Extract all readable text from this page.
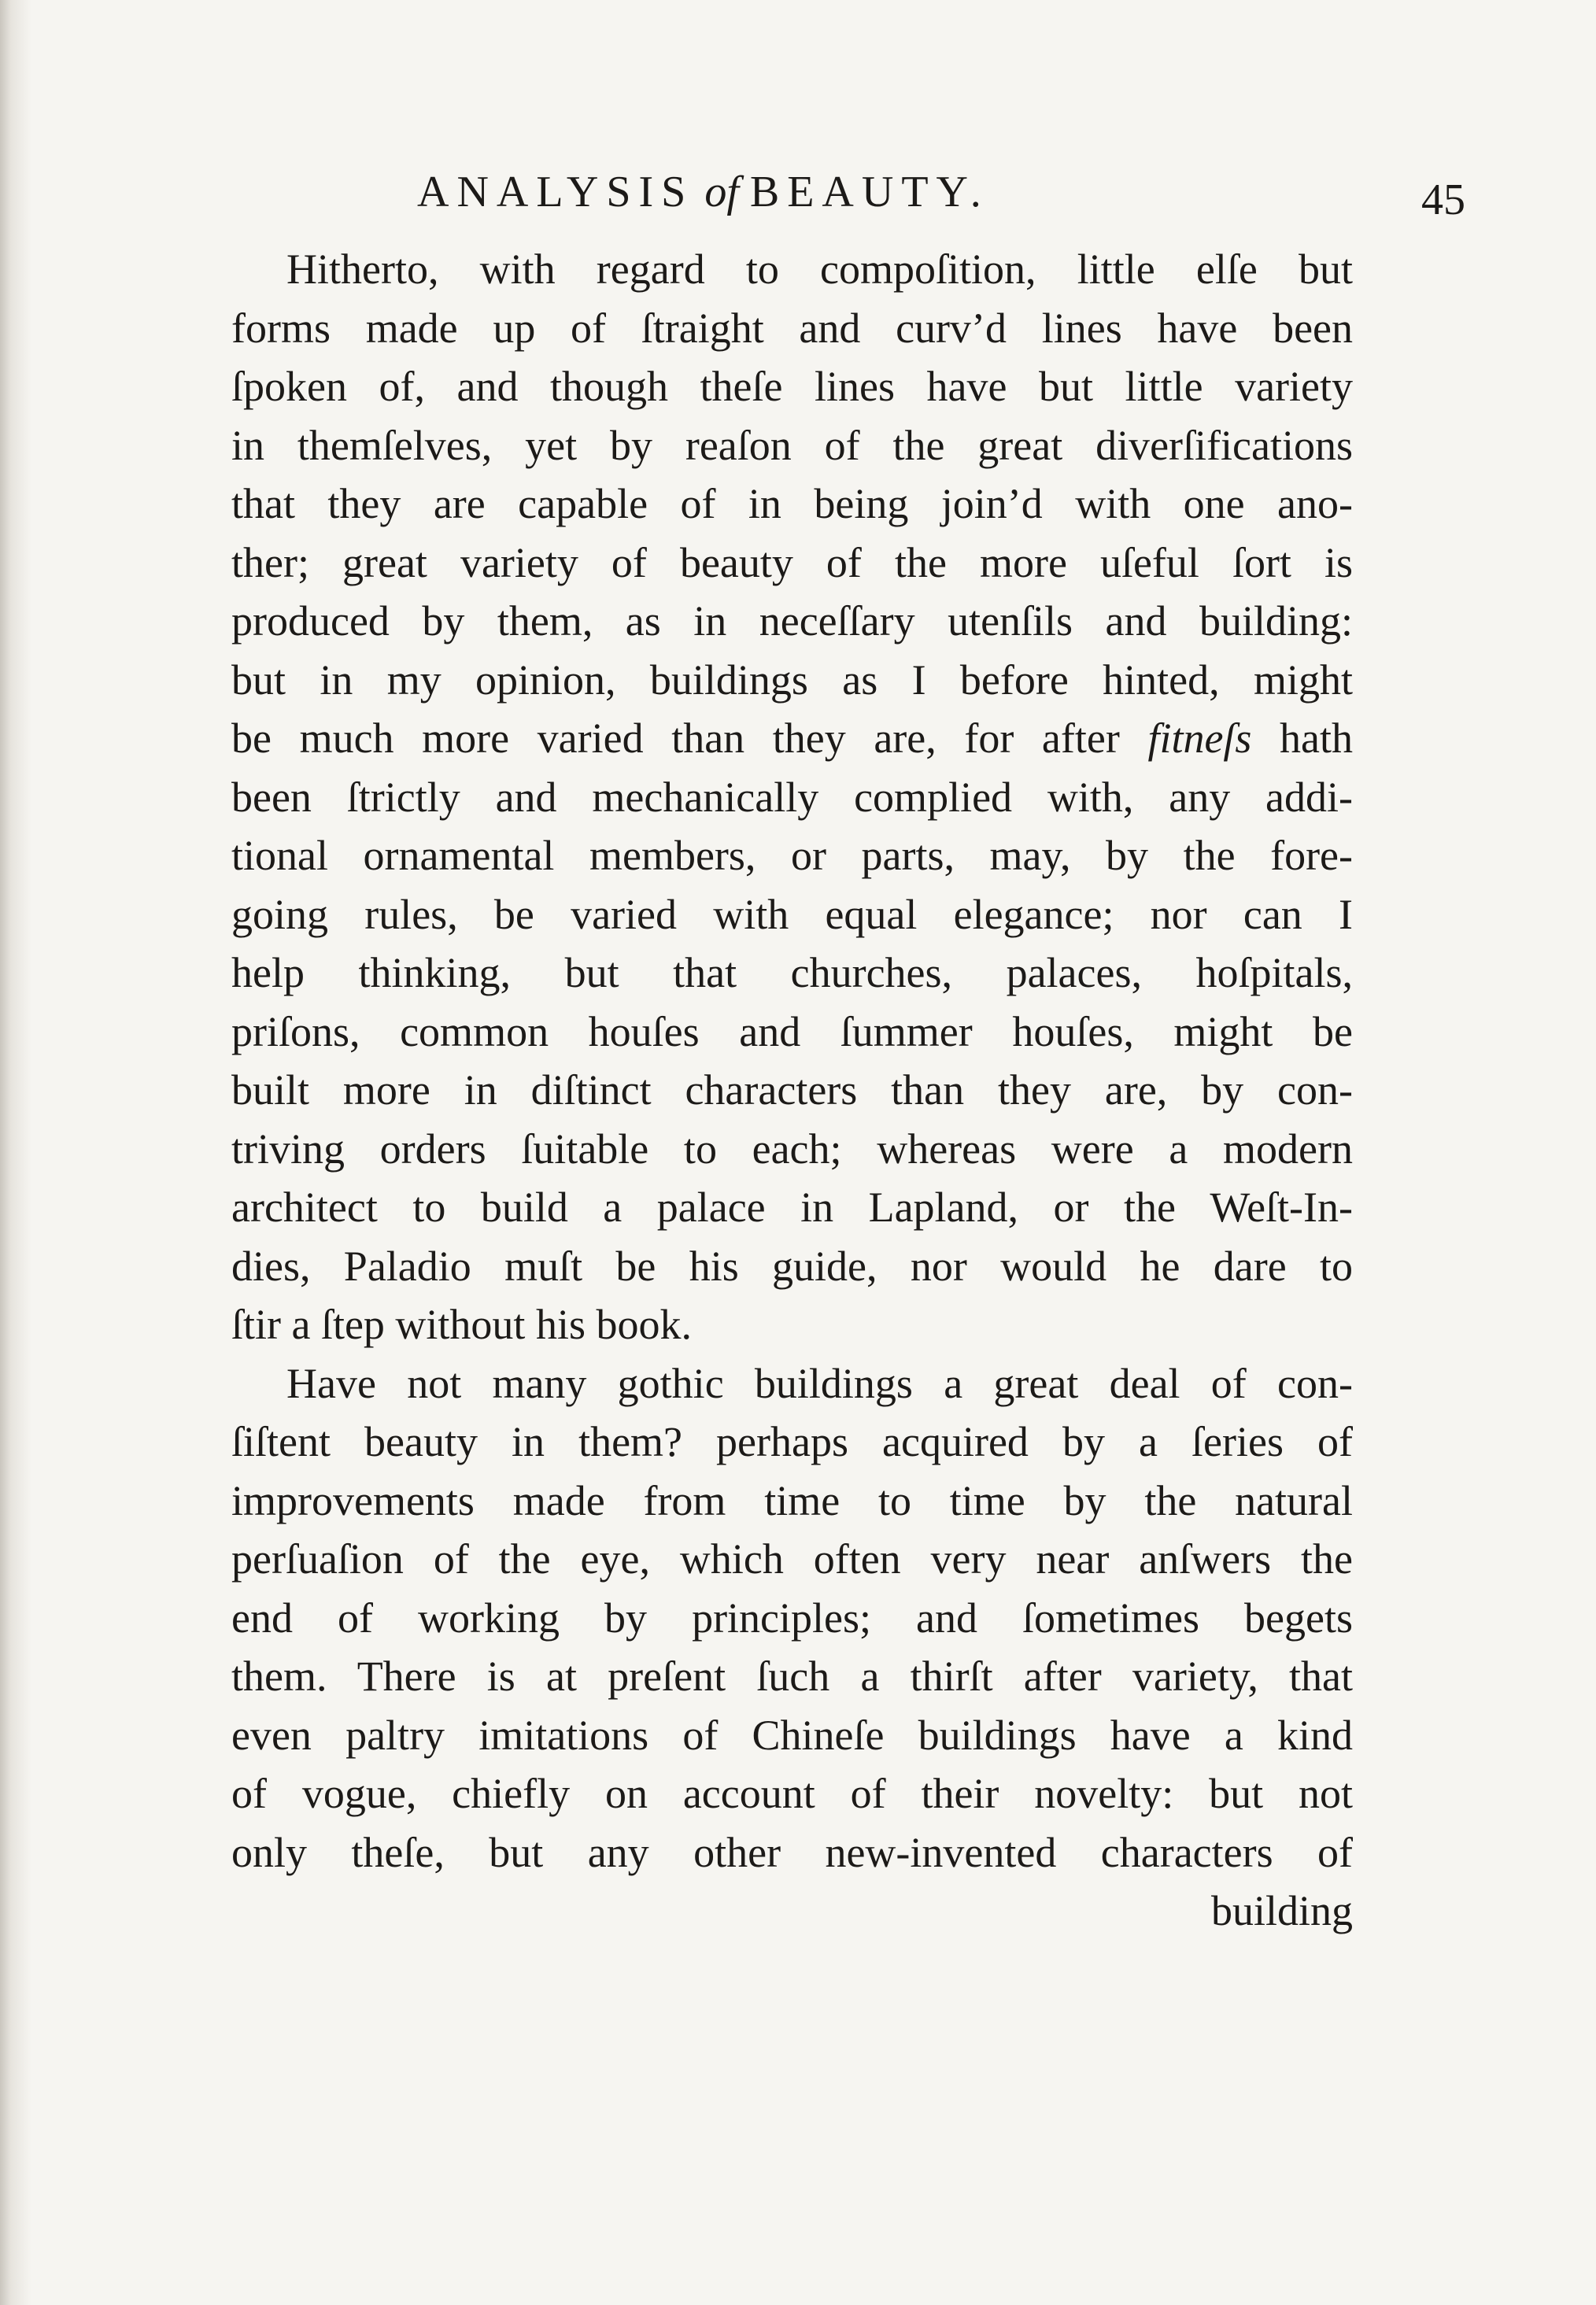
ANALYSIS of BEAUTY.	45
Hitherto, with regard to compoſition, little elſe but
forms made up of ſtraight and curv’d lines have been
ſpoken of, and though theſe lines have but little variety
in themſelves, yet by reaſon of the great diverſifications
that they are capable of in being join’d with one ano-
ther; great variety of beauty of the more uſeful ſort is
produced by them, as in neceſſary utenſils and building:
but in my opinion, buildings as I before hinted, might
be much more varied than they are, for after fitneſs hath
been ſtrictly and mechanically complied with, any addi-
tional ornamental members, or parts, may, by the fore-
going rules, be varied with equal elegance; nor can I
help thinking, but that churches, palaces, hoſpitals,
priſons, common houſes and ſummer houſes, might be
built more in diſtinct characters than they are, by con-
triving orders ſuitable to each; whereas were a modern
architect to build a palace in Lapland, or the Weſt-In-
dies, Paladio muſt be his guide, nor would he dare to
ſtir a ſtep without his book.
Have not many gothic buildings a great deal of con-
ſiſtent beauty in them? perhaps acquired by a ſeries of
improvements made from time to time by the natural
perſuaſion of the eye, which often very near anſwers the
end of working by principles; and ſometimes begets
them. There is at preſent ſuch a thirſt after variety, that
even paltry imitations of Chineſe buildings have a kind
of vogue, chiefly on account of their novelty: but not
only theſe, but any other new-invented characters of
building
